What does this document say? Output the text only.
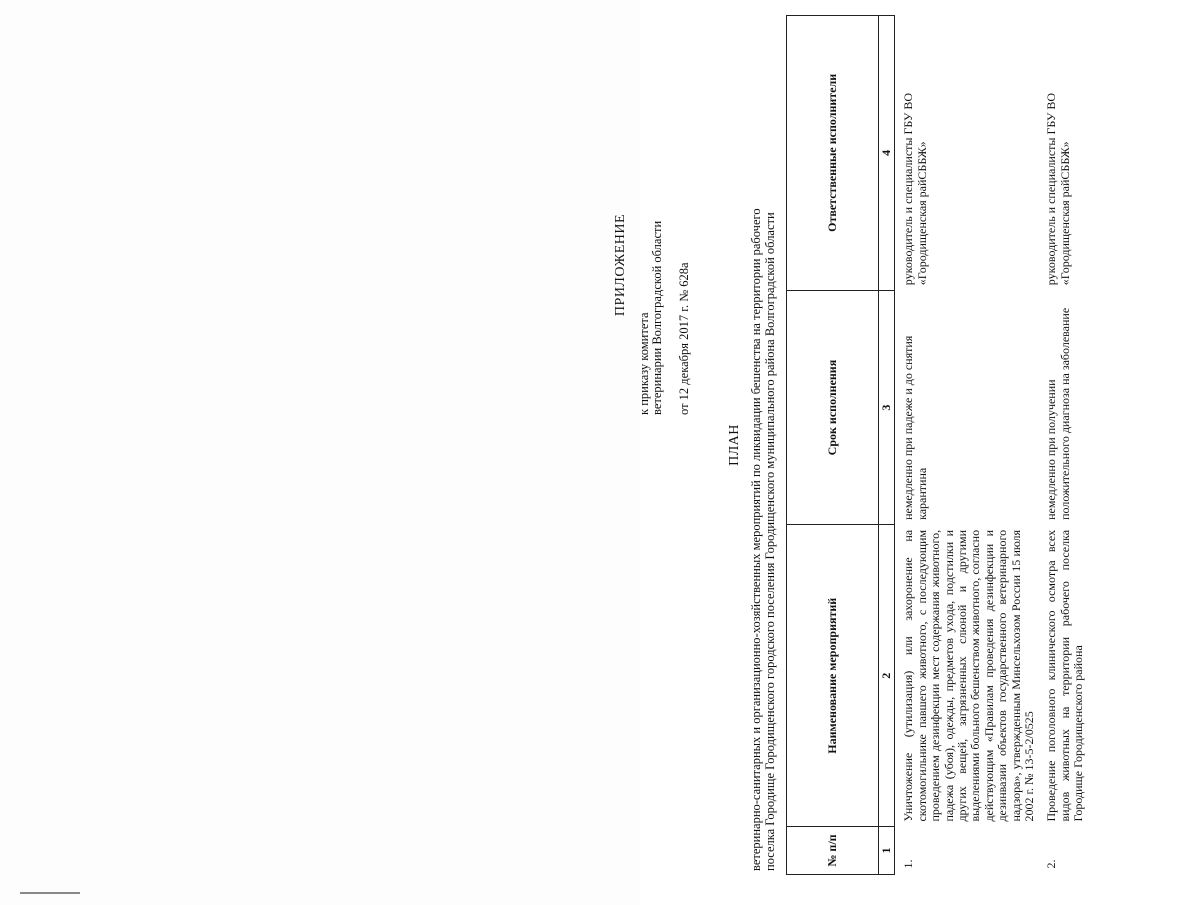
ПРИЛОЖЕНИЕ
к приказу комитета ветеринарии Волгоградской области от 12 декабря 2017 г. № 628а
ПЛАН ветеринарно-санитарных и организационно-хозяйственных мероприятий по ликвидации бешенства на территории рабочего поселка Городище Городищенского городского поселения Городищенского муниципального района Волгоградской области	№ п/п	Наименование мероприятий	Срок исполнения	Ответственные исполнители
1	2	3	4
1.	Уничтожение (утилизация) или захоронение на скотомогильнике павшего животного, с последующим проведением дезинфекции мест содержания животного, падежа (убоя), одежды, предметов ухода, подстилки и других вещей, загрязненных слюной и другими выделениями больного бешенством животного, согласно действующим «Правилам проведения дезинфекции и дезинвазии объектов государственного ветеринарного надзора», утвержденным Минсельхозом России 15 июля 2002 г. № 13-5-2/0525	немедленно при падеже и до снятия карантина	руководитель и специалисты ГБУ ВО «Городищенская райСББЖ»
2.	Проведение поголовного клинического осмотра всех видов животных на территории рабочего поселка Городище Городищенского района	немедленно при получении положительного диагноза на заболевание	руководитель и специалисты ГБУ ВО «Городищенская райСББЖ»
